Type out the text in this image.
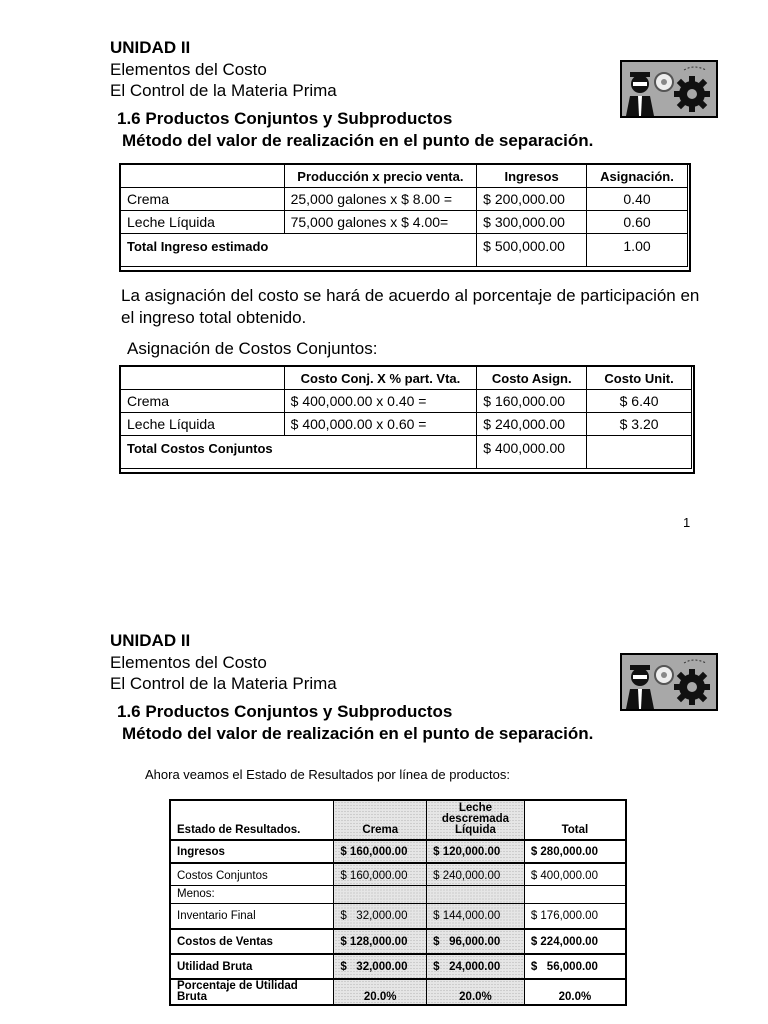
UNIDAD II
Elementos del Costo
El Control de la Materia Prima
1.6 Productos Conjuntos y Subproductos
Método del valor de realización en el punto de separación.
	Producción x precio venta.	Ingresos	Asignación.
Crema	25,000 galones x $ 8.00 =	$ 200,000.00	0.40
Leche Líquida	75,000 galones x $ 4.00=	$ 300,000.00	0.60
Total Ingreso estimado		$ 500,000.00	1.00
La asignación del costo se hará de acuerdo al porcentaje de participación en el ingreso total obtenido.
Asignación de Costos Conjuntos:
	Costo Conj. X % part. Vta.	Costo Asign.	Costo Unit.
Crema	$ 400,000.00 x 0.40 =	$ 160,000.00	$ 6.40
Leche Líquida	$ 400,000.00 x 0.60 =	$ 240,000.00	$ 3.20
Total Costos Conjuntos		$ 400,000.00	
1
UNIDAD II
Elementos del Costo
El Control de la Materia Prima
1.6 Productos Conjuntos y Subproductos
Método del valor de realización en el punto de separación.
Ahora veamos el Estado de Resultados por línea de productos:
Estado de Resultados.	Crema	Leche descremada Líquida	Total
Ingresos	$ 160,000.00	$ 120,000.00	$ 280,000.00
Costos Conjuntos	$ 160,000.00	$ 240,000.00	$ 400,000.00
Menos:			
Inventario Final	$   32,000.00	$ 144,000.00	$ 176,000.00
Costos de Ventas	$ 128,000.00	$   96,000.00	$ 224,000.00
Utilidad Bruta	$   32,000.00	$   24,000.00	$   56,000.00
Porcentaje de Utilidad Bruta	20.0%	20.0%	20.0%
